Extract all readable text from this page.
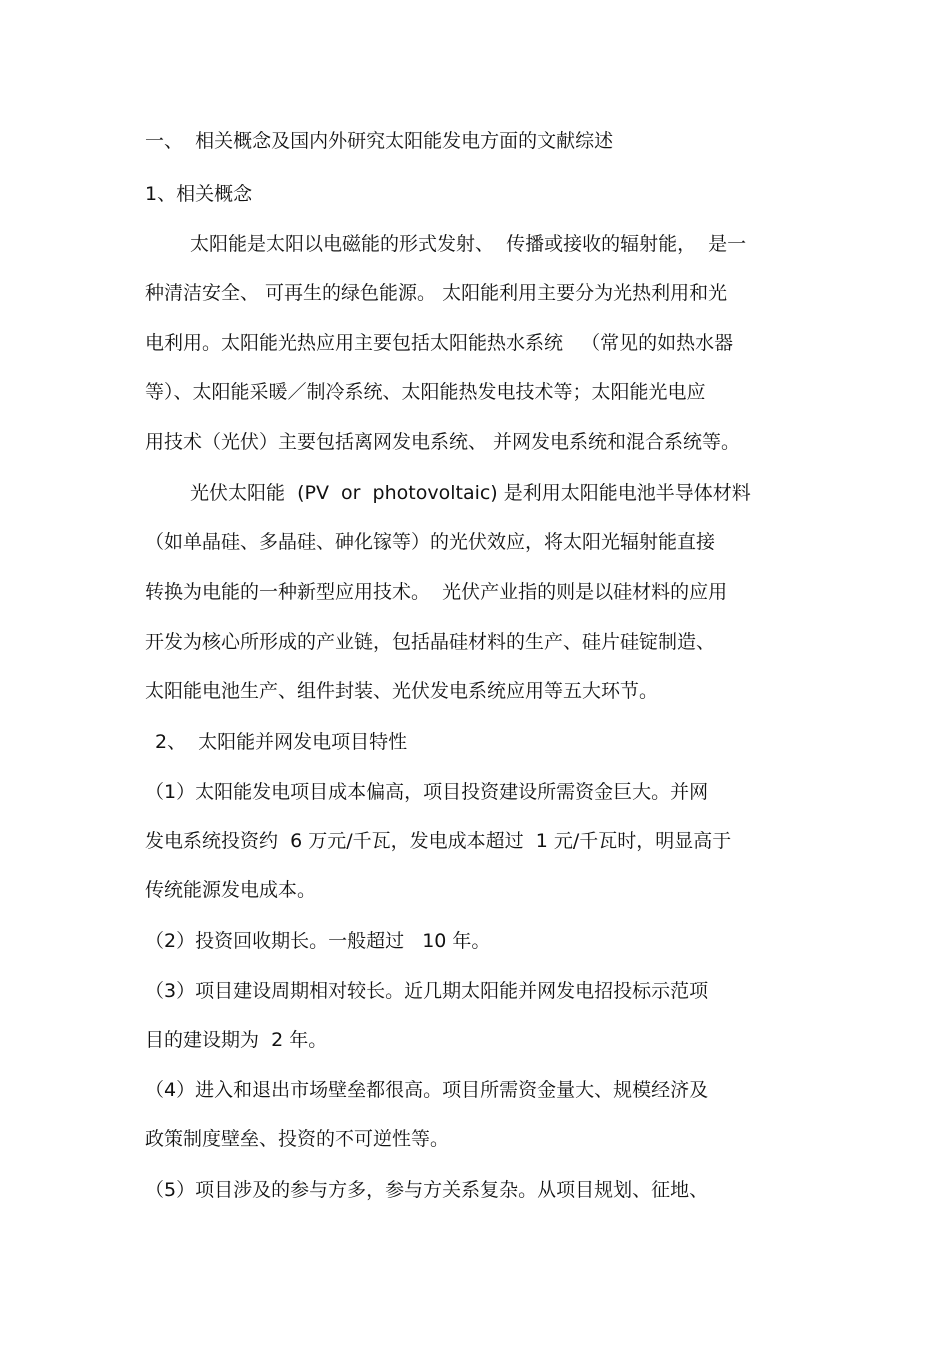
一、  相关概念及国内外研究太阳能发电方面的文献综述
1、相关概念
太阳能是太阳以电磁能的形式发射、  传播或接收的辐射能，  是一
种清洁安全、 可再生的绿色能源。 太阳能利用主要分为光热利用和光
电利用。太阳能光热应用主要包括太阳能热水系统   （常见的如热水器
等）、太阳能采暖／制冷系统、太阳能热发电技术等；太阳能光电应
用技术（光伏）主要包括离网发电系统、 并网发电系统和混合系统等。
光伏太阳能  (PV  or  photovoltaic) 是利用太阳能电池半导体材料
（如单晶硅、多晶硅、砷化镓等）的光伏效应，将太阳光辐射能直接
转换为电能的一种新型应用技术。  光伏产业指的则是以硅材料的应用
开发为核心所形成的产业链，包括晶硅材料的生产、硅片硅锭制造、
太阳能电池生产、组件封装、光伏发电系统应用等五大环节。
2、  太阳能并网发电项目特性
（1）太阳能发电项目成本偏高，项目投资建设所需资金巨大。并网
发电系统投资约  6 万元/千瓦，发电成本超过  1 元/千瓦时，明显高于
传统能源发电成本。
（2）投资回收期长。一般超过   10 年。
（3）项目建设周期相对较长。近几期太阳能并网发电招投标示范项
目的建设期为  2 年。
（4）进入和退出市场壁垒都很高。项目所需资金量大、规模经济及
政策制度壁垒、投资的不可逆性等。
（5）项目涉及的参与方多，参与方关系复杂。从项目规划、征地、
